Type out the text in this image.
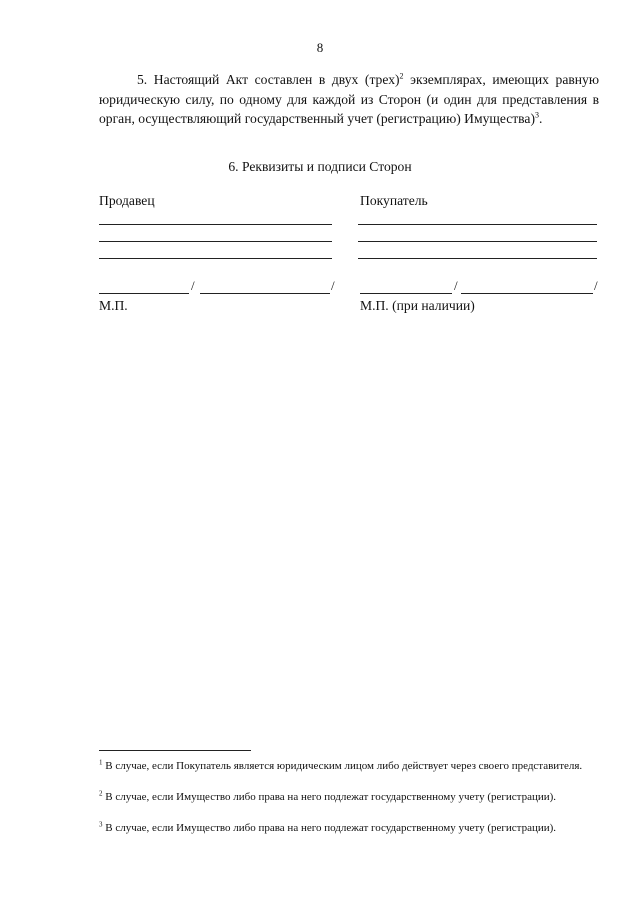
8
5. Настоящий Акт составлен в двух (трех)$^2$ экземплярах, имеющих равную юридическую силу, по одному для каждой из Сторон (и один для представления в орган, осуществляющий государственный учет (регистрацию) Имущества)$^3$.
6. Реквизиты и подписи Сторон
Продавец
/	/
М.П.
Покупатель
/	/
М.П. (при наличии)
$^1$ В случае, если Покупатель является юридическим лицом либо действует через своего представителя.
$^2$ В случае, если Имущество либо права на него подлежат государственному учету (регистрации).
$^3$ В случае, если Имущество либо права на него подлежат государственному учету (регистрации).
